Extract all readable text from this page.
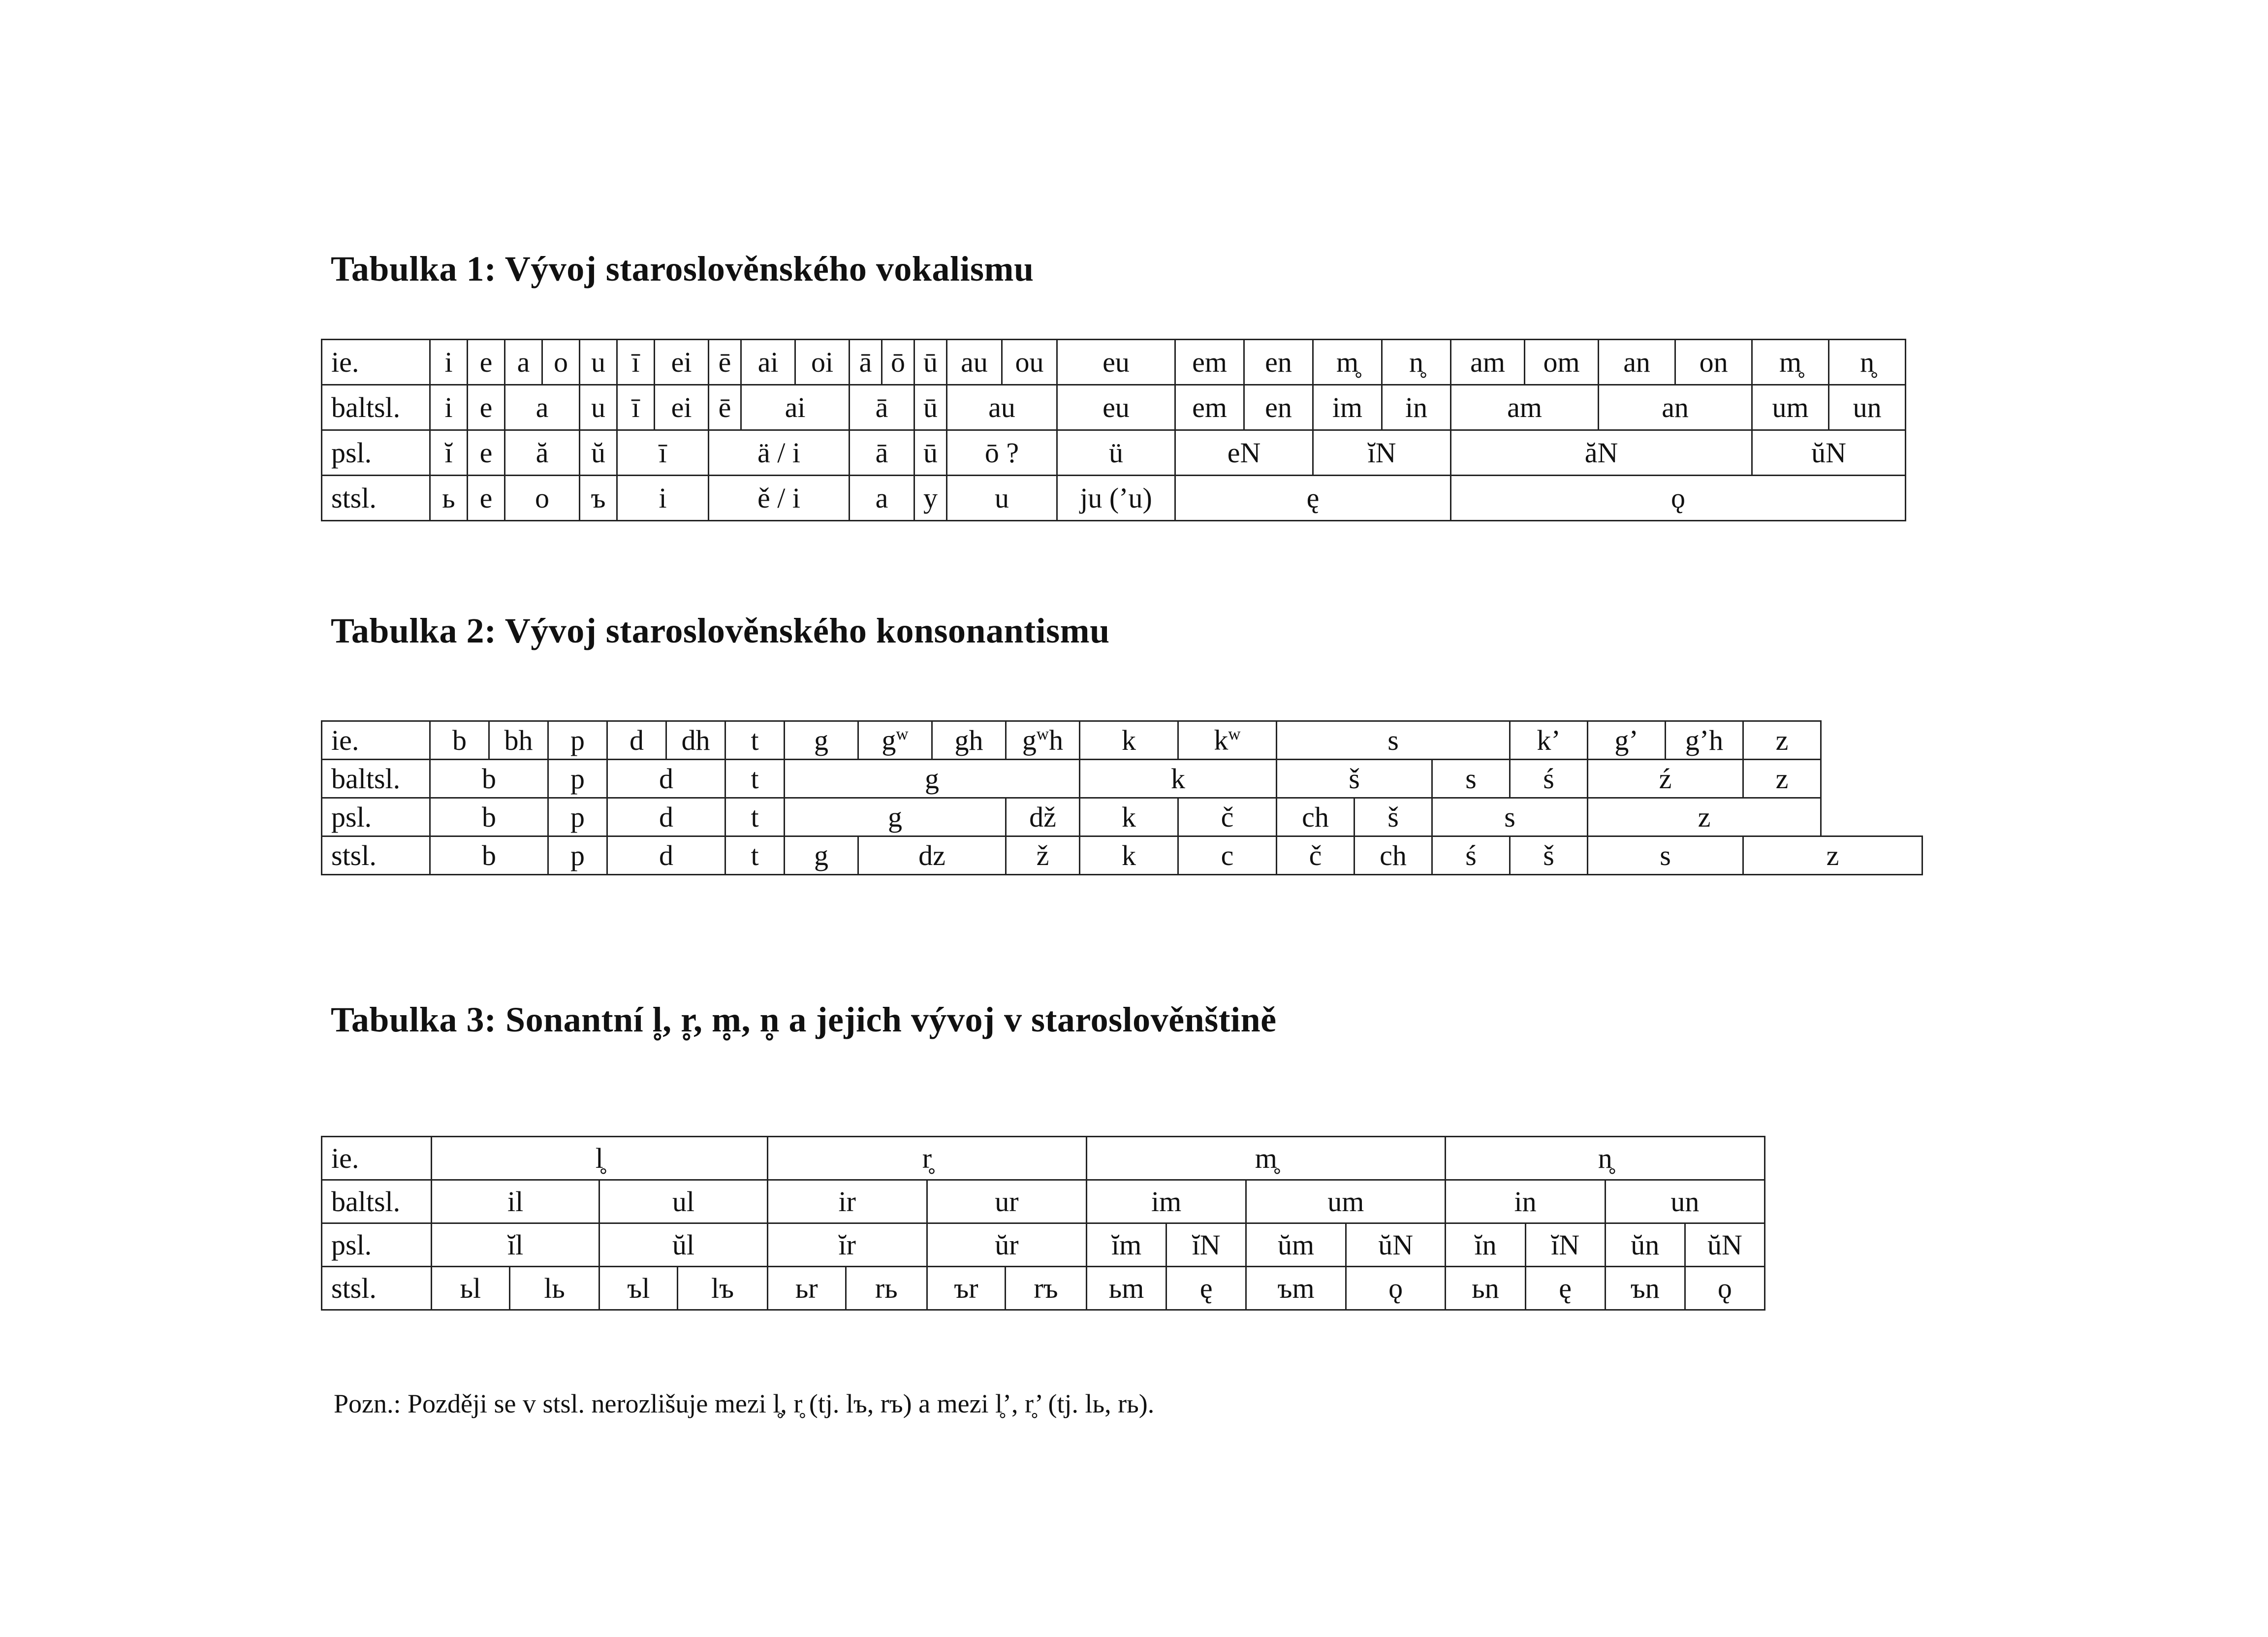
Tabulka 1: Vývoj staroslověnského vokalismu
ie.	i	e	a	o	u	ī	ei	ē	ai	oi	ā	ō	ū	au	ou	eu	em	en	m̥	n̥	am	om	an	on	m̥	n̥
baltsl.	i	e	a		u	ī	ei	ē	ai		ā		ū	au		eu	em	en	im	in	am		an		um	un
psl.	ĭ	e	ă		ŭ	ī		ä / i			ā		ū	ō ?		ü	eN		ĭN		ăN				ŭN	
stsl.	ь	e	o		ъ	i		ě / i			a		y	u		ju (’u)	ę				ǫ					
Tabulka 2: Vývoj staroslověnského konsonantismu
ie.	b	bh	p	d	dh	t	g	$g^w$	gh	$g^wh$	k	$k^w$	s			k’	g’	g’h	z
baltsl.	b		p	d		t	g				k		š		s	ś	ź		z
psl.	b		p	d		t	g			dž	k	č	ch	š	s		z		
stsl.	b		p	d		t	g	dz		ž	k	c	č	ch	ś	š	s		z
Tabulka 3: Sonantní l̥, r̥, m̥, n̥ a jejich vývoj v staroslověnštině
ie.	l̥				r̥				m̥				n̥			
baltsl.	il		ul		ir		ur		im		um		in		un	
psl.	ĭl		ŭl		ĭr		ŭr		ĭm	ĭN	ŭm	ŭN	ĭn	ĭN	ŭn	ŭN
stsl.	ьl	lь	ъl	lъ	ьr	rь	ъr	rъ	ьm	ę	ъm	ǫ	ьn	ę	ъn	ǫ
Pozn.: Později se v stsl. nerozlišuje mezi l̥, r̥ (tj. lъ, rъ) a mezi l̥’, r̥’ (tj. lь, rь).
